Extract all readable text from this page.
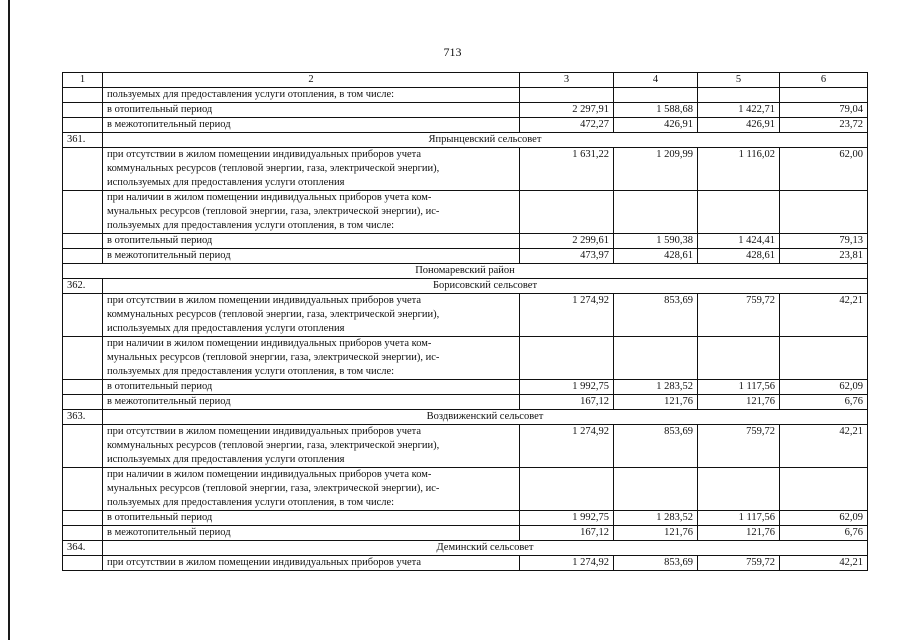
713
1	2	3	4	5	6

	пользуемых для предоставления услуги отопления, в том числе:				

	в отопительный период	2 297,91	1 588,68	1 422,71	79,04

	в межотопительный период	472,27	426,91	426,91	23,72
361.	Япрынцевский сельсовет				

	при отсутствии в жилом помещении индивидуальных приборов учета
коммунальных ресурсов (тепловой энергии, газа, электрической энергии),
используемых для предоставления услуги отопления	1 631,22	1 209,99	1 116,02	62,00

	при наличии в жилом помещении индивидуальных приборов учета ком-
мунальных ресурсов (тепловой энергии, газа, электрической энергии), ис-
пользуемых для предоставления услуги отопления, в том числе:				

	в отопительный период	2 299,61	1 590,38	1 424,41	79,13

	в межотопительный период	473,97	428,61	428,61	23,81
Пономаревский район					
362.	Борисовский сельсовет				

	при отсутствии в жилом помещении индивидуальных приборов учета
коммунальных ресурсов (тепловой энергии, газа, электрической энергии),
используемых для предоставления услуги отопления	1 274,92	853,69	759,72	42,21

	при наличии в жилом помещении индивидуальных приборов учета ком-
мунальных ресурсов (тепловой энергии, газа, электрической энергии), ис-
пользуемых для предоставления услуги отопления, в том числе:				

	в отопительный период	1 992,75	1 283,52	1 117,56	62,09

	в межотопительный период	167,12	121,76	121,76	6,76
363.	Воздвиженский сельсовет				

	при отсутствии в жилом помещении индивидуальных приборов учета
коммунальных ресурсов (тепловой энергии, газа, электрической энергии),
используемых для предоставления услуги отопления	1 274,92	853,69	759,72	42,21

	при наличии в жилом помещении индивидуальных приборов учета ком-
мунальных ресурсов (тепловой энергии, газа, электрической энергии), ис-
пользуемых для предоставления услуги отопления, в том числе:				

	в отопительный период	1 992,75	1 283,52	1 117,56	62,09

	в межотопительный период	167,12	121,76	121,76	6,76
364.	Деминский сельсовет				

	при отсутствии в жилом помещении индивидуальных приборов учета	1 274,92	853,69	759,72	42,21
